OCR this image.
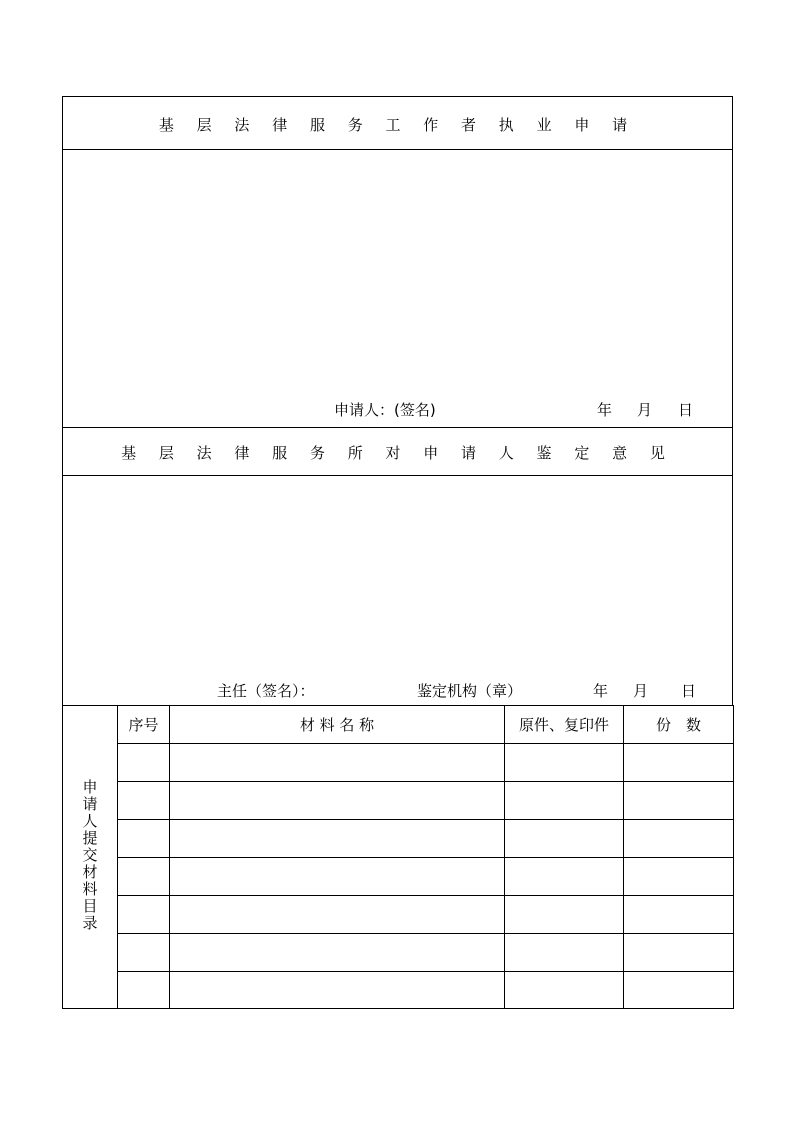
基 层 法 律 服 务 工 作 者 执 业 申 请
申请人：(签名)	年 月 日
基 层 法 律 服 务 所 对 申 请 人 鉴 定 意 见
主任（签名）：	鉴定机构（章）	年 月 日
申请人提交材料目录	序号	材 料 名 称	原件、复印件	份　数
